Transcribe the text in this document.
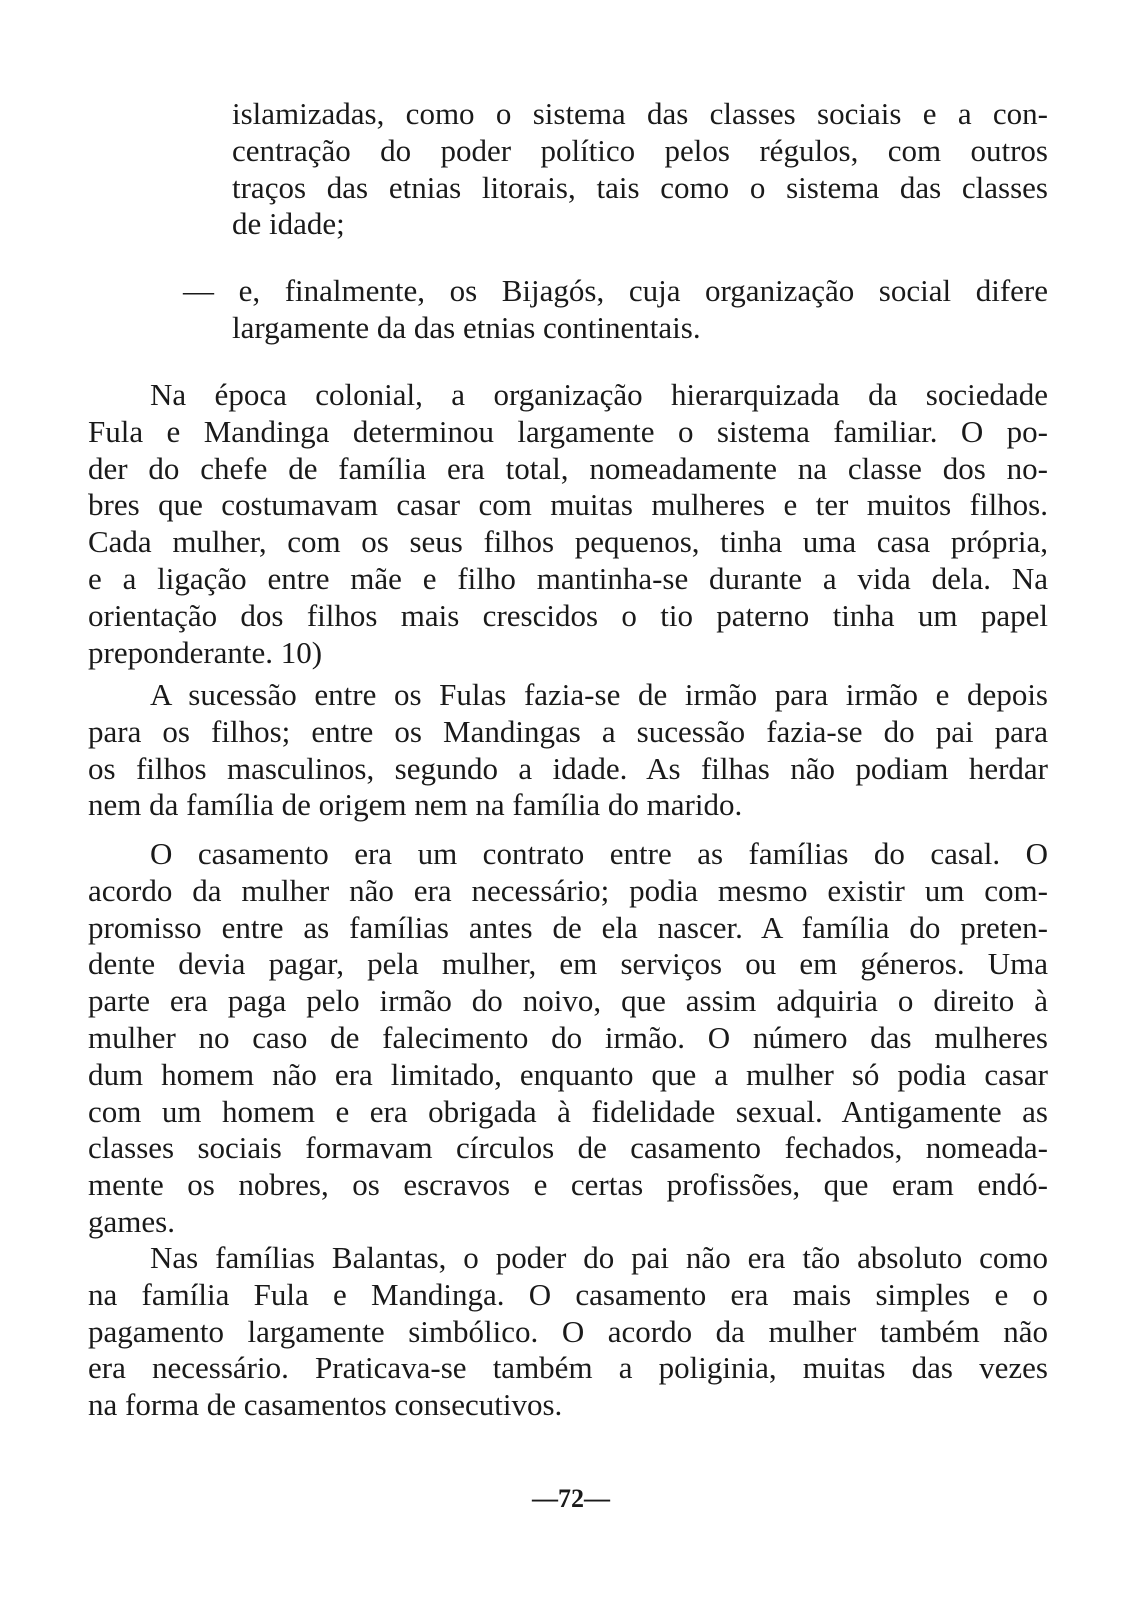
islamizadas, como o sistema das classes sociais e a con-
centração do poder político pelos régulos, com outros
traços das etnias litorais, tais como o sistema das classes
de idade;
— e, finalmente, os Bijagós, cuja organização social difere
largamente da das etnias continentais.
Na época colonial, a organização hierarquizada da sociedade
Fula e Mandinga determinou largamente o sistema familiar. O po-
der do chefe de família era total, nomeadamente na classe dos no-
bres que costumavam casar com muitas mulheres e ter muitos filhos.
Cada mulher, com os seus filhos pequenos, tinha uma casa própria,
e a ligação entre mãe e filho mantinha-se durante a vida dela. Na
orientação dos filhos mais crescidos o tio paterno tinha um papel
preponderante. 10)
A sucessão entre os Fulas fazia-se de irmão para irmão e depois
para os filhos; entre os Mandingas a sucessão fazia-se do pai para
os filhos masculinos, segundo a idade. As filhas não podiam herdar
nem da família de origem nem na família do marido.
O casamento era um contrato entre as famílias do casal. O
acordo da mulher não era necessário; podia mesmo existir um com-
promisso entre as famílias antes de ela nascer. A família do preten-
dente devia pagar, pela mulher, em serviços ou em géneros. Uma
parte era paga pelo irmão do noivo, que assim adquiria o direito à
mulher no caso de falecimento do irmão. O número das mulheres
dum homem não era limitado, enquanto que a mulher só podia casar
com um homem e era obrigada à fidelidade sexual. Antigamente as
classes sociais formavam círculos de casamento fechados, nomeada-
mente os nobres, os escravos e certas profissões, que eram endó-
games.
Nas famílias Balantas, o poder do pai não era tão absoluto como
na família Fula e Mandinga. O casamento era mais simples e o
pagamento largamente simbólico. O acordo da mulher também não
era necessário. Praticava-se também a poliginia, muitas das vezes
na forma de casamentos consecutivos.
—72—
